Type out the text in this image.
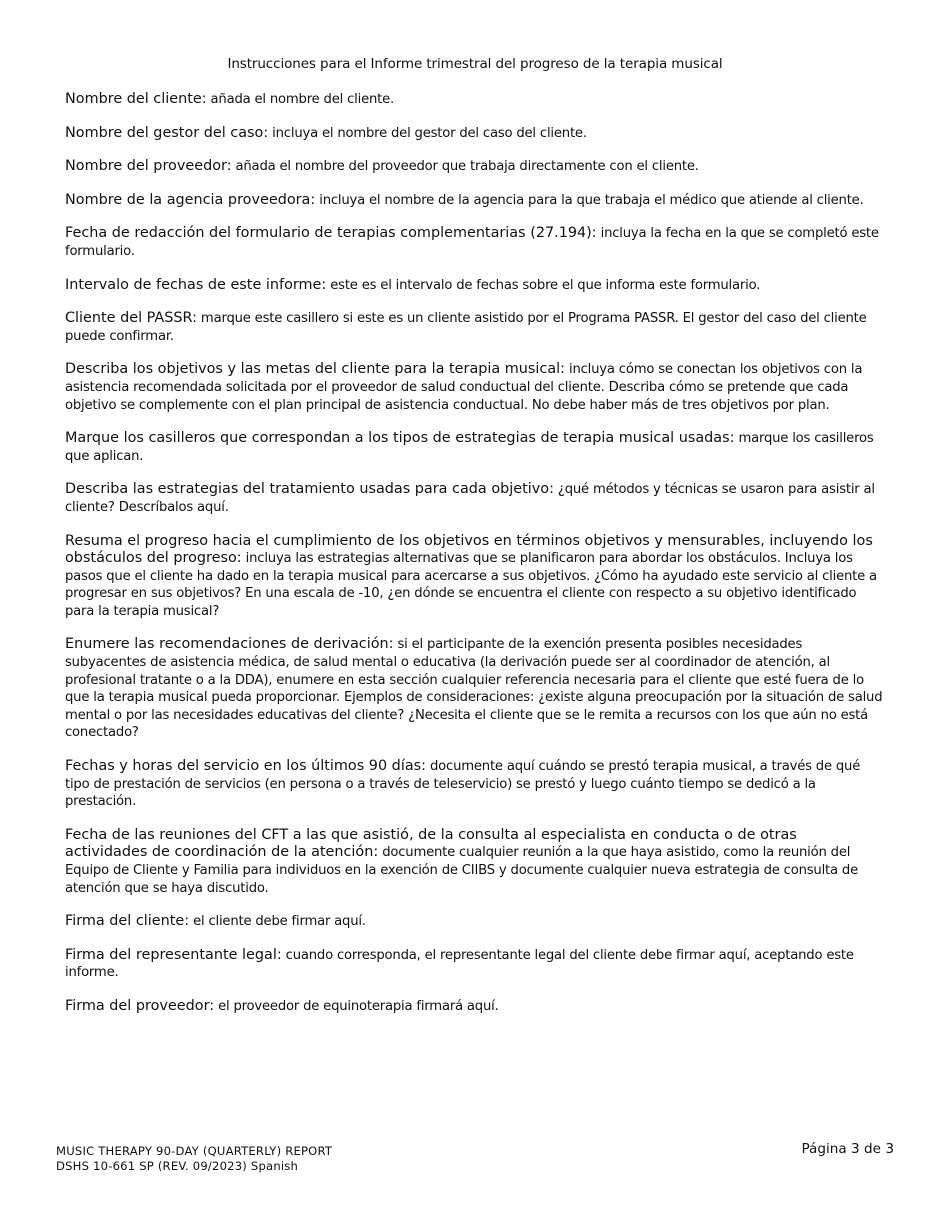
Instrucciones para el Informe trimestral del progreso de la terapia musical

Nombre del cliente: añada el nombre del cliente.

Nombre del gestor del caso: incluya el nombre del gestor del caso del cliente.

Nombre del proveedor: añada el nombre del proveedor que trabaja directamente con el cliente.

Nombre de la agencia proveedora: incluya el nombre de la agencia para la que trabaja el médico que atiende al cliente.

Fecha de redacción del formulario de terapias complementarias (27.194): incluya la fecha en la que se completó este formulario.

Intervalo de fechas de este informe: este es el intervalo de fechas sobre el que informa este formulario.

Cliente del PASSR: marque este casillero si este es un cliente asistido por el Programa PASSR. El gestor del caso del cliente puede confirmar.

Describa los objetivos y las metas del cliente para la terapia musical: incluya cómo se conectan los objetivos con la asistencia recomendada solicitada por el proveedor de salud conductual del cliente. Describa cómo se pretende que cada objetivo se complemente con el plan principal de asistencia conductual. No debe haber más de tres objetivos por plan.

Marque los casilleros que correspondan a los tipos de estrategias de terapia musical usadas: marque los casilleros que aplican.

Describa las estrategias del tratamiento usadas para cada objetivo: ¿qué métodos y técnicas se usaron para asistir al cliente? Descríbalos aquí.

Resuma el progreso hacia el cumplimiento de los objetivos en términos objetivos y mensurables, incluyendo los obstáculos del progreso: incluya las estrategias alternativas que se planificaron para abordar los obstáculos. Incluya los pasos que el cliente ha dado en la terapia musical para acercarse a sus objetivos. ¿Cómo ha ayudado este servicio al cliente a progresar en sus objetivos? En una escala de -10, ¿en dónde se encuentra el cliente con respecto a su objetivo identificado para la terapia musical?

Enumere las recomendaciones de derivación: si el participante de la exención presenta posibles necesidades subyacentes de asistencia médica, de salud mental o educativa (la derivación puede ser al coordinador de atención, al profesional tratante o a la DDA), enumere en esta sección cualquier referencia necesaria para el cliente que esté fuera de lo que la terapia musical pueda proporcionar. Ejemplos de consideraciones: ¿existe alguna preocupación por la situación de salud mental o por las necesidades educativas del cliente? ¿Necesita el cliente que se le remita a recursos con los que aún no está conectado?

Fechas y horas del servicio en los últimos 90 días: documente aquí cuándo se prestó terapia musical, a través de qué tipo de prestación de servicios (en persona o a través de teleservicio) se prestó y luego cuánto tiempo se dedicó a la prestación.

Fecha de las reuniones del CFT a las que asistió, de la consulta al especialista en conducta o de otras actividades de coordinación de la atención: documente cualquier reunión a la que haya asistido, como la reunión del Equipo de Cliente y Familia para individuos en la exención de CIIBS y documente cualquier nueva estrategia de consulta de atención que se haya discutido.

Firma del cliente: el cliente debe firmar aquí.

Firma del representante legal: cuando corresponda, el representante legal del cliente debe firmar aquí, aceptando este informe.

Firma del proveedor: el proveedor de equinoterapia firmará aquí.

MUSIC THERAPY 90-DAY (QUARTERLY) REPORT
DSHS 10-661 SP (REV. 09/2023) Spanish
Página 3 de 3
